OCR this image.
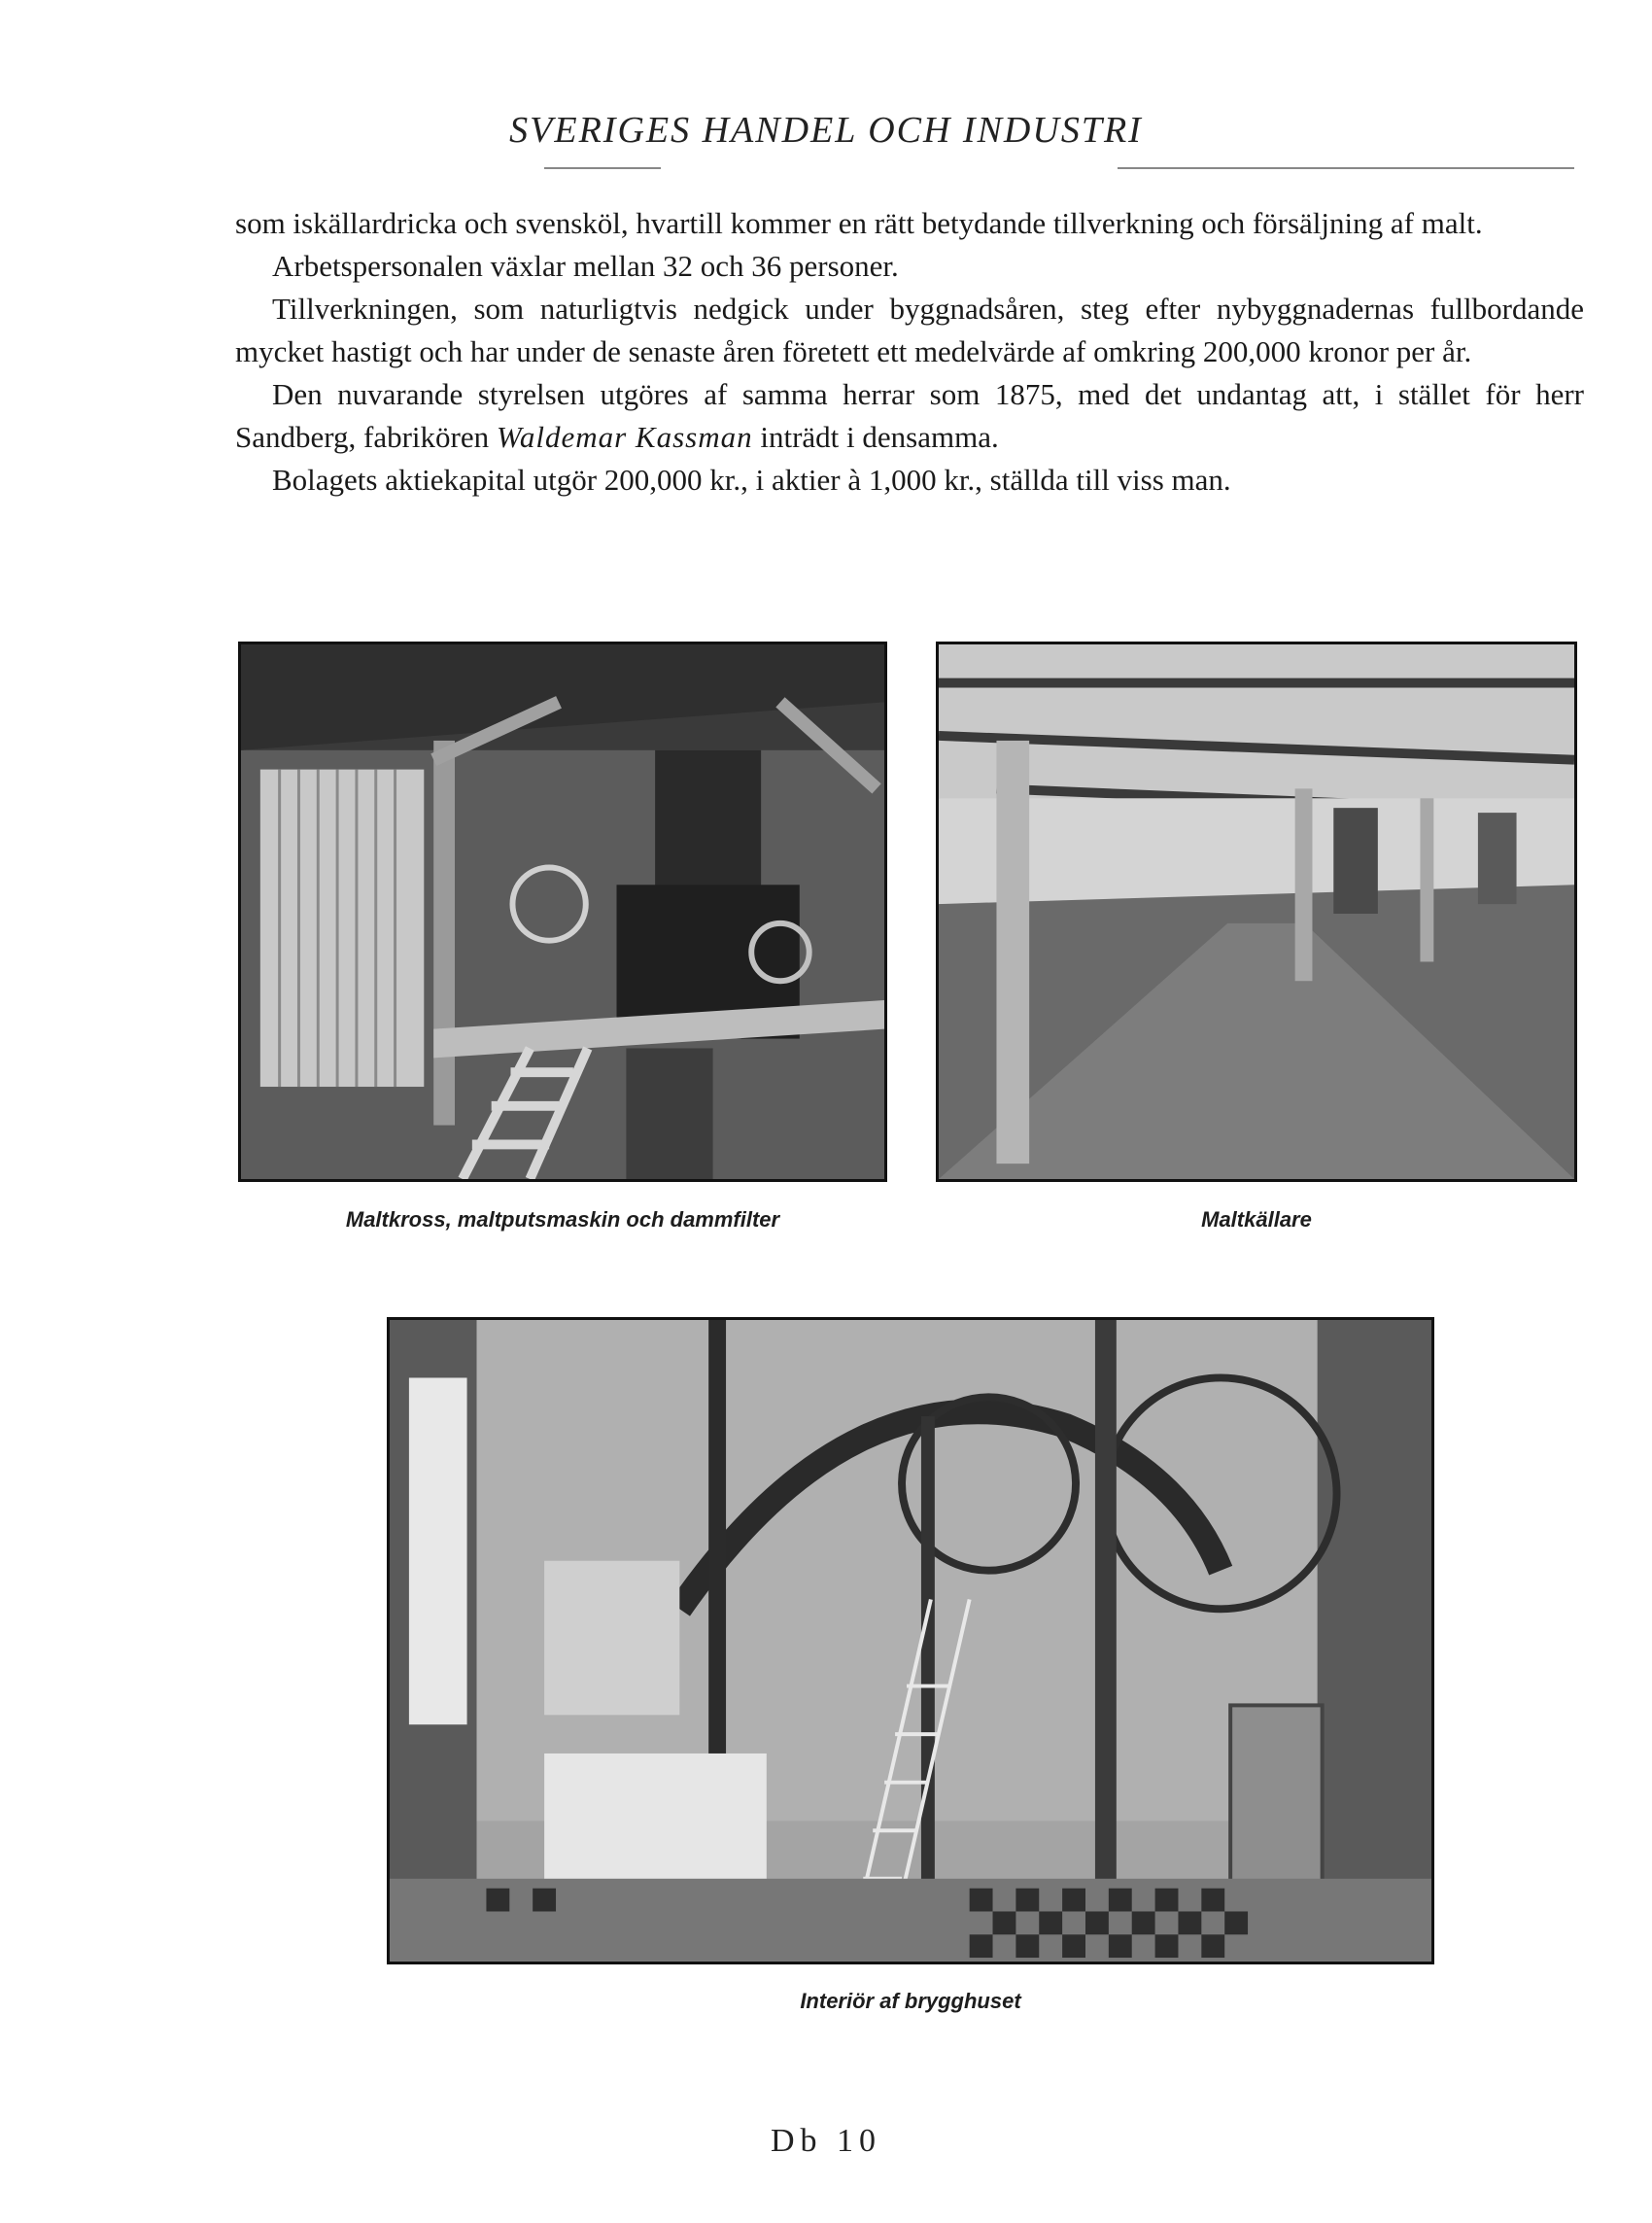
SVERIGES HANDEL OCH INDUSTRI

som iskällardricka och svensköl, hvartill kommer en rätt betydande tillverkning och försäljning af malt.

Arbetspersonalen växlar mellan 32 och 36 personer.

Tillverkningen, som naturligtvis nedgick under byggnadsåren, steg efter nybyggnadernas fullbordande mycket hastigt och har under de senaste åren företett ett medelvärde af omkring 200,000 kronor per år.

Den nuvarande styrelsen utgöres af samma herrar som 1875, med det undantag att, i stället för herr Sandberg, fabrikören Waldemar Kassman inträdt i densamma.

Bolagets aktiekapital utgör 200,000 kr., i aktier à 1,000 kr., ställda till viss man.

Maltkross, maltputsmaskin och dammfilter	Maltkällare
Interiör af brygghuset
Db 10
